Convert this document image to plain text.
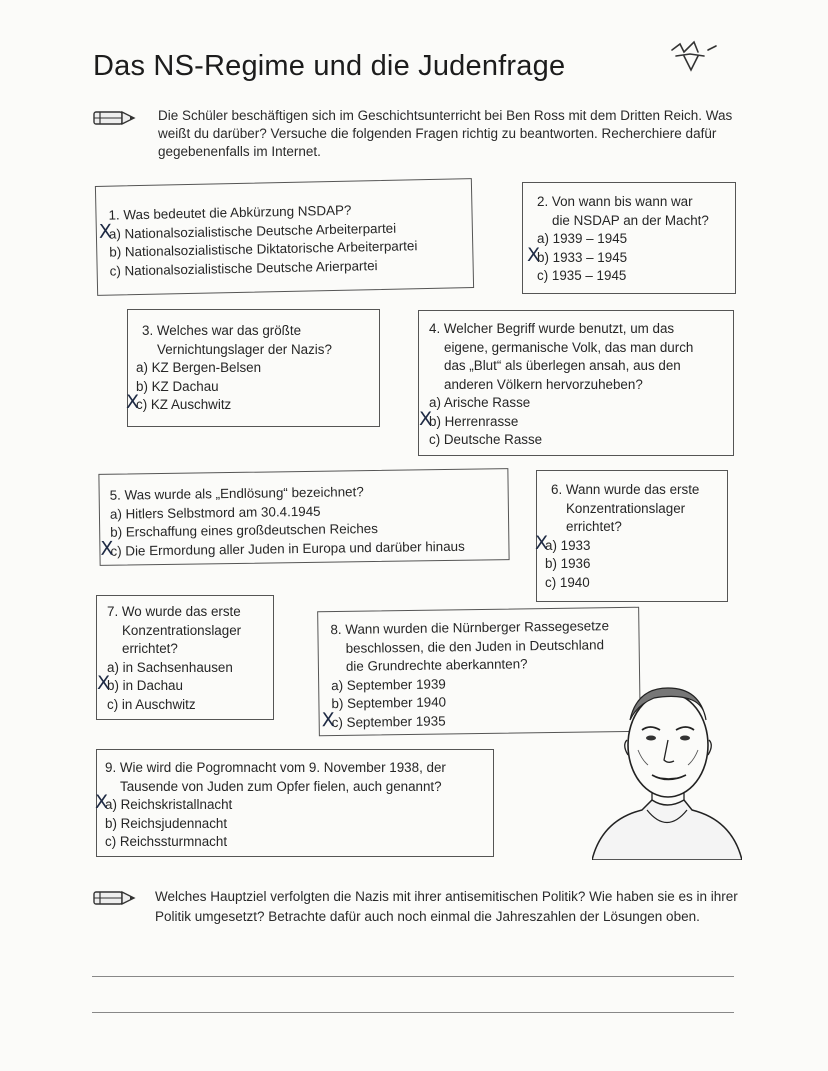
Das NS-Regime und die Judenfrage
Die Schüler beschäftigen sich im Geschichtsunterricht bei Ben Ross mit dem Dritten Reich. Was weißt du darüber? Versuche die folgenden Fragen richtig zu beantworten. Recherchiere dafür gegebenenfalls im Internet.
1. Was bedeutet die Abkürzung NSDAP?
X
a) Nationalsozialistische Deutsche Arbeiterpartei
b) Nationalsozialistische Diktatorische Arbeiterpartei
c) Nationalsozialistische Deutsche Arierpartei
2. Von wann bis wann war
die NSDAP an der Macht?
a) 1939 – 1945
X
b) 1933 – 1945
c) 1935 – 1945
3. Welches war das größte
Vernichtungslager der Nazis?
a) KZ Bergen-Belsen
b) KZ Dachau
X
c) KZ Auschwitz
4. Welcher Begriff wurde benutzt, um das
eigene, germanische Volk, das man durch
das „Blut“ als überlegen ansah, aus den
anderen Völkern hervorzuheben?
a) Arische Rasse
X
b) Herrenrasse
c) Deutsche Rasse
5. Was wurde als „Endlösung“ bezeichnet?
a) Hitlers Selbstmord am 30.4.1945
b) Erschaffung eines großdeutschen Reiches
X
c) Die Ermordung aller Juden in Europa und darüber hinaus
6. Wann wurde das erste
Konzentrationslager
errichtet?
X
a) 1933
b) 1936
c) 1940
7. Wo wurde das erste
Konzentrationslager
errichtet?
a) in Sachsenhausen
X
b) in Dachau
c) in Auschwitz
8. Wann wurden die Nürnberger Rassegesetze
beschlossen, die den Juden in Deutschland
die Grundrechte aberkannten?
a) September 1939
b) September 1940
X
c) September 1935
9. Wie wird die Pogromnacht vom 9. November 1938, der
Tausende von Juden zum Opfer fielen, auch genannt?
X
a) Reichskristallnacht
b) Reichsjudennacht
c) Reichssturmnacht
Welches Hauptziel verfolgten die Nazis mit ihrer antisemitischen Politik? Wie haben sie es in ihrer Politik umgesetzt? Betrachte dafür auch noch einmal die Jahreszahlen der Lösungen oben.
